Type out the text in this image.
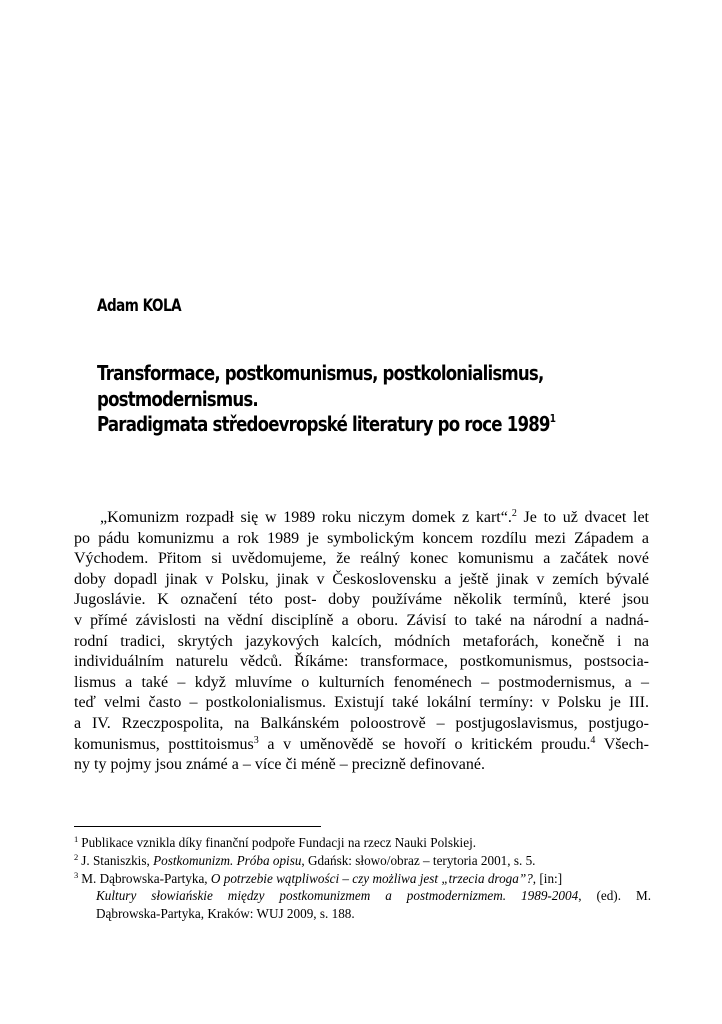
Adam KOLA
Transformace, postkomunismus, postkolonialismus,
postmodernismus.
Paradigmata středoevropské literatury po roce 1989$^1$
„Komunizm rozpadł się w 1989 roku niczym domek z kart“.$^2$ Je to už dvacet let
po pádu komunizmu a rok 1989 je symbolickým koncem rozdílu mezi Západem a
Východem. Přitom si uvědomujeme, že reálný konec komunismu a začátek nové
doby dopadl jinak v Polsku, jinak v Československu a ještě jinak v zemích bývalé
Jugoslávie. K označení této post- doby používáme několik termínů, které jsou
v přímé závislosti na vědní disciplíně a oboru. Závisí to také na národní a nadná-
rodní tradici, skrytých jazykových kalcích, módních metaforách, konečně i na
individuálním naturelu vědců. Říkáme: transformace, postkomunismus, postsocia-
lismus a také – když mluvíme o kulturních fenoménech – postmodernismus, a –
teď velmi často – postkolonialismus. Existují také lokální termíny: v Polsku je III.
a IV. Rzeczpospolita, na Balkánském poloostrově – postjugoslavismus, postjugo-
komunismus, posttitoismus$^3$ a v uměnovědě se hovoří o kritickém proudu.$^4$ Všech-
ny ty pojmy jsou známé a – více či méně – precizně definované.
$^1$ Publikace vznikla díky finanční podpoře Fundacji na rzecz Nauki Polskiej.
$^2$ J. Staniszkis, Postkomunizm. Próba opisu, Gdańsk: słowo/obraz – terytoria 2001, s. 5.
$^3$ M. Dąbrowska-Partyka, O potrzebie wątpliwości – czy możliwa jest „trzecia droga”?, [in:]
Kultury słowiańskie między postkomunizmem a postmodernizmem. 1989-2004, (ed). M.
Dąbrowska-Partyka, Kraków: WUJ 2009, s. 188.
